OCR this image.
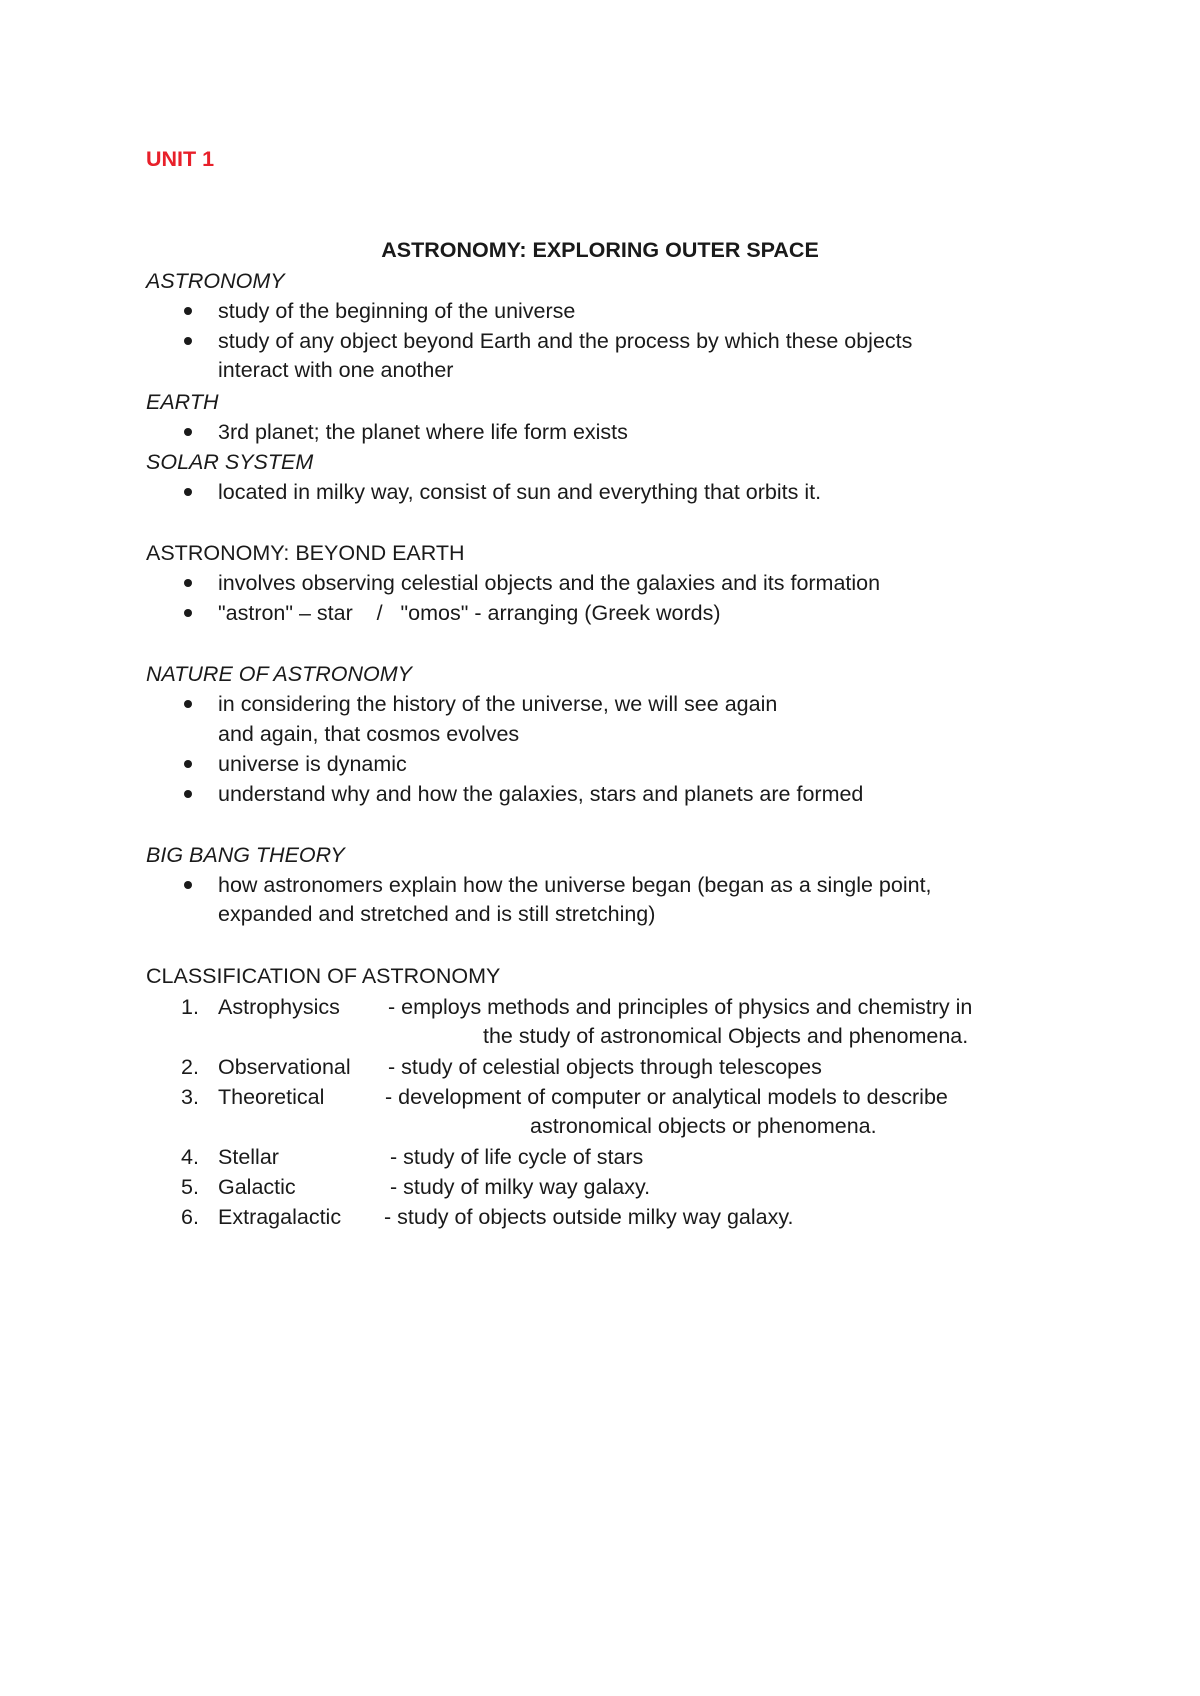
UNIT 1
ASTRONOMY: EXPLORING OUTER SPACE
ASTRONOMY
study of the beginning of the universe
study of any object beyond Earth and the process by which these objects
interact with one another
EARTH
3rd planet; the planet where life form exists
SOLAR SYSTEM
located in milky way, consist of sun and everything that orbits it.
ASTRONOMY: BEYOND EARTH
involves observing celestial objects and the galaxies and its formation
"astron" – star    /   "omos" - arranging (Greek words)
NATURE OF ASTRONOMY
in considering the history of the universe, we will see again
and again, that cosmos evolves
universe is dynamic
understand why and how the galaxies, stars and planets are formed
BIG BANG THEORY
how astronomers explain how the universe began (began as a single point,
expanded and stretched and is still stretching)
CLASSIFICATION OF ASTRONOMY
1. Astrophysics - employs methods and principles of physics and chemistry in
the study of astronomical Objects and phenomena.
2. Observational - study of celestial objects through telescopes
3. Theoretical	- development of computer or analytical models to describe
astronomical objects or phenomena.
4. Stellar	- study of life cycle of stars
5. Galactic	- study of milky way galaxy.
6. Extragalactic - study of objects outside milky way galaxy.
